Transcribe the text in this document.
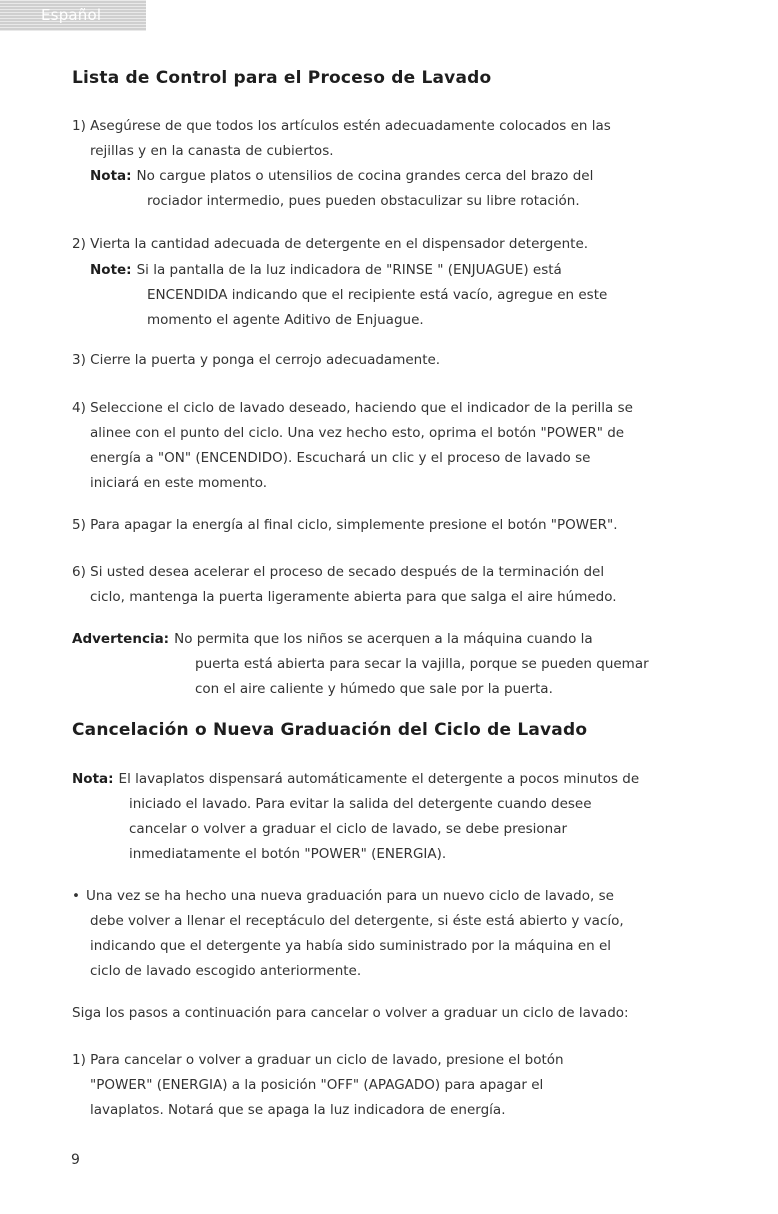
Español
Lista de Control para el Proceso de Lavado
1) Asegúrese de que todos los artículos estén adecuadamente colocados en las
rejillas y en la canasta de cubiertos.
Nota: No cargue platos o utensilios de cocina grandes cerca del brazo del
rociador intermedio, pues pueden obstaculizar su libre rotación.
2) Vierta la cantidad adecuada de detergente en el dispensador detergente.
Note: Si la pantalla de la luz indicadora de "RINSE " (ENJUAGUE) está
ENCENDIDA indicando que el recipiente está vacío, agregue en este
momento el agente Aditivo de Enjuague.
3) Cierre la puerta y ponga el cerrojo adecuadamente.
4) Seleccione el ciclo de lavado deseado, haciendo que el indicador de la perilla se
alinee con el punto del ciclo. Una vez hecho esto, oprima el botón "POWER" de
energía a "ON" (ENCENDIDO). Escuchará un clic y el proceso de lavado se
iniciará en este momento.
5) Para apagar la energía al final ciclo, simplemente presione el botón "POWER".
6) Si usted desea acelerar el proceso de secado después de la terminación del
ciclo, mantenga la puerta ligeramente abierta para que salga el aire húmedo.
Advertencia: No permita que los niños se acerquen a la máquina cuando la
puerta está abierta para secar la vajilla, porque se pueden quemar
con el aire caliente y húmedo que sale por la puerta.
Cancelación o Nueva Graduación del Ciclo de Lavado
Nota: El lavaplatos dispensará automáticamente el detergente a pocos minutos de
iniciado el lavado. Para evitar la salida del detergente cuando desee
cancelar o volver a graduar el ciclo de lavado, se debe presionar
inmediatamente el botón "POWER" (ENERGIA).
• Una vez se ha hecho una nueva graduación para un nuevo ciclo de lavado, se
debe volver a llenar el receptáculo del detergente, si éste está abierto y vacío,
indicando que el detergente ya había sido suministrado por la máquina en el
ciclo de lavado escogido anteriormente.
Siga los pasos a continuación para cancelar o volver a graduar un ciclo de lavado:
1) Para cancelar o volver a graduar un ciclo de lavado, presione el botón
"POWER" (ENERGIA) a la posición "OFF" (APAGADO) para apagar el
lavaplatos. Notará que se apaga la luz indicadora de energía.
9
